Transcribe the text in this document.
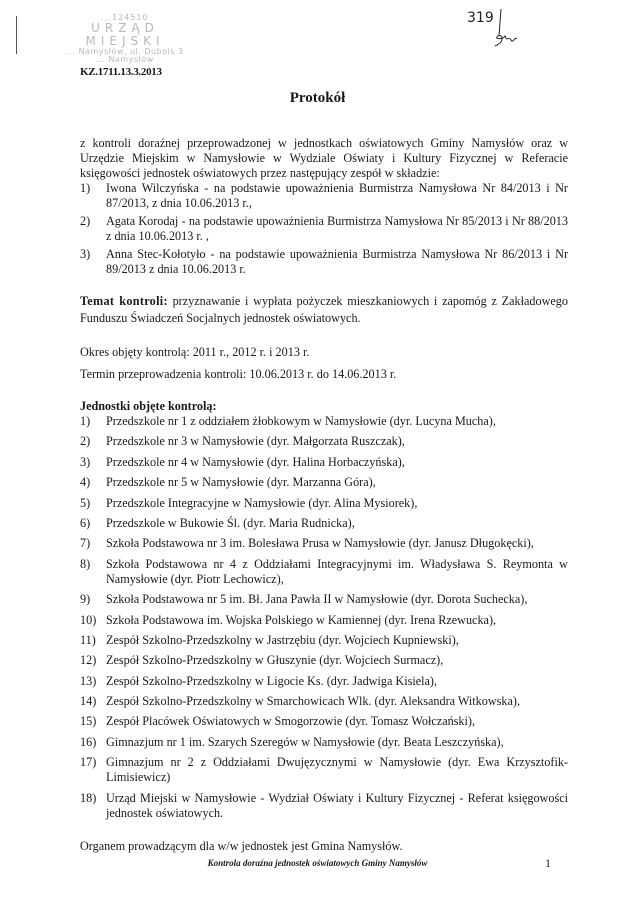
...124510
URZĄD MIEJSKI
... Namysłów, ul. Dubois 3
... Namysłów
KZ.1711.13.3.2013
319
Protokół

z kontroli doraźnej przeprowadzonej w jednostkach oświatowych Gminy Namysłów oraz w Urzędzie Miejskim w Namysłowie w Wydziale Oświaty i Kultury Fizycznej w Referacie księgowości jednostek oświatowych przez następujący zespół w składzie:

1) Iwona Wilczyńska - na podstawie upoważnienia Burmistrza Namysłowa Nr 84/2013 i Nr 87/2013, z dnia 10.06.2013 r.,
2) Agata Korodaj - na podstawie upoważnienia Burmistrza Namysłowa Nr 85/2013 i Nr 88/2013 z dnia 10.06.2013 r. ,
3) Anna Stec-Kołotyło - na podstawie upoważnienia Burmistrza Namysłowa Nr 86/2013 i Nr 89/2013 z dnia 10.06.2013 r.
Temat kontroli: przyznawanie i wypłata pożyczek mieszkaniowych i zapomóg z Zakładowego Funduszu Świadczeń Socjalnych jednostek oświatowych.
Okres objęty kontrolą: 2011 r., 2012 r. i 2013 r.
Termin przeprowadzenia kontroli: 10.06.2013 r. do 14.06.2013 r.
Jednostki objęte kontrolą:
1) Przedszkole nr 1 z oddziałem żłobkowym w Namysłowie (dyr. Lucyna Mucha),
2) Przedszkole nr 3 w Namysłowie (dyr. Małgorzata Ruszczak),
3) Przedszkole nr 4 w Namysłowie (dyr. Halina Horbaczyńska),
4) Przedszkole nr 5 w Namysłowie (dyr. Marzanna Góra),
5) Przedszkole Integracyjne w Namysłowie (dyr. Alina Mysiorek),
6) Przedszkole w Bukowie Śl. (dyr. Maria Rudnicka),
7) Szkoła Podstawowa nr 3 im. Bolesława Prusa w Namysłowie (dyr. Janusz Długokęcki),
8) Szkoła Podstawowa nr 4 z Oddziałami Integracyjnymi im. Władysława S. Reymonta w Namysłowie (dyr. Piotr Lechowicz),
9) Szkoła Podstawowa nr 5 im. Bł. Jana Pawła II w Namysłowie (dyr. Dorota Suchecka),
10) Szkoła Podstawowa im. Wojska Polskiego w Kamiennej (dyr. Irena Rzewucka),
11) Zespół Szkolno-Przedszkolny w Jastrzębiu (dyr. Wojciech Kupniewski),
12) Zespół Szkolno-Przedszkolny w Głuszynie (dyr. Wojciech Surmacz),
13) Zespół Szkolno-Przedszkolny w Ligocie Ks. (dyr. Jadwiga Kisiela),
14) Zespół Szkolno-Przedszkolny w Smarchowicach Wlk. (dyr. Aleksandra Witkowska),
15) Zespół Placówek Oświatowych w Smogorzowie (dyr. Tomasz Wołczański),
16) Gimnazjum nr 1 im. Szarych Szeregów w Namysłowie (dyr. Beata Leszczyńska),
17) Gimnazjum nr 2 z Oddziałami Dwujęzycznymi w Namysłowie (dyr. Ewa Krzysztofik-Limisiewicz)
18) Urząd Miejski w Namysłowie - Wydział Oświaty i Kultury Fizycznej - Referat księgowości jednostek oświatowych.
Organem prowadzącym dla w/w jednostek jest Gmina Namysłów.
Kontrola doraźna jednostek oświatowych Gminy Namysłów	1
